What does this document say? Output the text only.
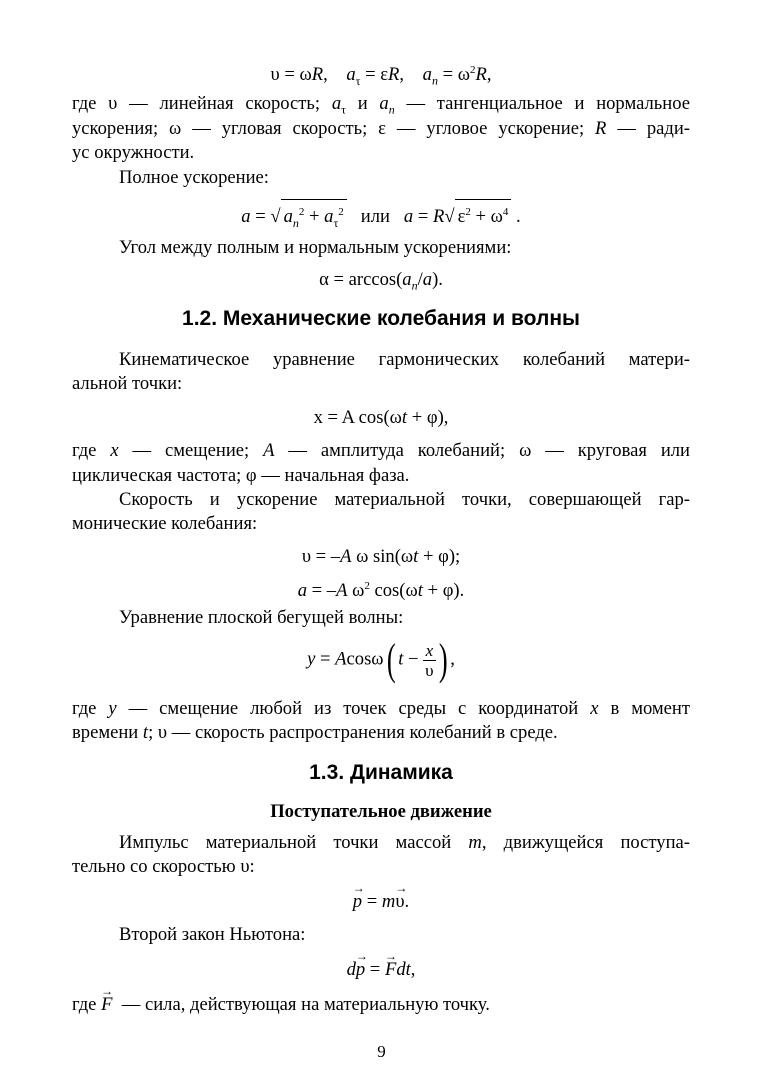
υ = ωR,    $a_\tau = \varepsilon R$,    $a_n = \omega^2R$,
где υ — линейная скорость; $a_\tau$ и $a_n$ — тангенциальное и нормальное
ускорения; ω — угловая скорость; ε — угловое ускорение; R — ради-
ус окружности.
Полное ускорение:
a = √ $a_n^2 + a_\tau^2$ или a = R√ $\varepsilon^2 + \omega^4$ .
Угол между полным и нормальным ускорениями:
$\alpha = \arccos(a_n/a)$.
1.2. Механические колебания и волны
Кинематическое уравнение гармонических колебаний матери-
альной точки:
x = A cos(ωt + φ),
где x — смещение; A — амплитуда колебаний; ω — круговая или
циклическая частота; φ — начальная фаза.
Скорость и ускорение материальной точки, совершающей гар-
монические колебания:
υ = –A ω sin(ωt + φ);
a = –A $\omega^2$ cos(ωt + φ).
Уравнение плоской бегущей волны:
y = Acosω( $t - \frac{x}{\upsilon}$ ) ,
где y — смещение любой из точек среды с координатой x в момент
времени t; υ — скорость распространения колебаний в среде.
1.3. Динамика
Поступательное движение
Импульс материальной точки массой m, движущейся поступа-
тельно со скоростью υ:
→ p = m→ υ.
Второй закон Ньютона:
d→ p = → Fdt,
где → F  — сила, действующая на материальную точку.
9
